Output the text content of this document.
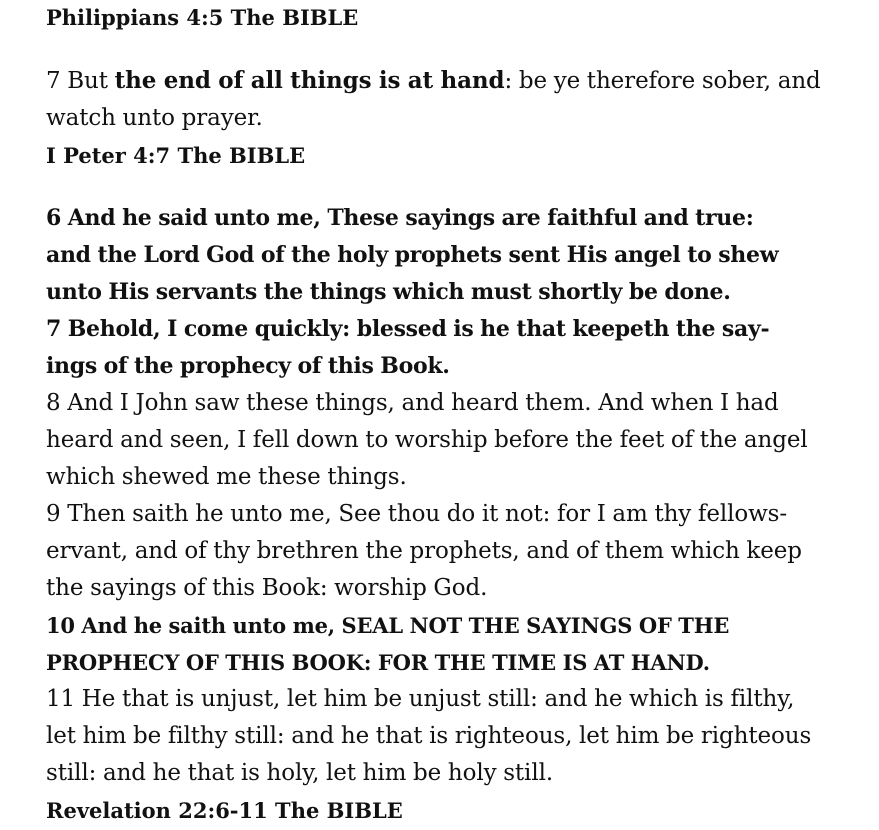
Philippians 4:5 The BIBLE
7 But the end of all things is at hand: be ye therefore sober, and
watch unto prayer.
I Peter 4:7 The BIBLE
6 And he said unto me, These sayings are faithful and true:
and the Lord God of the holy prophets sent His angel to shew
unto His servants the things which must shortly be done.
7 Behold, I come quickly: blessed is he that keepeth the say-
ings of the prophecy of this Book.
8 And I John saw these things, and heard them. And when I had
heard and seen, I fell down to worship before the feet of the angel
which shewed me these things.
9 Then saith he unto me, See thou do it not: for I am thy fellows-
ervant, and of thy brethren the prophets, and of them which keep
the sayings of this Book: worship God.
10 And he saith unto me, SEAL NOT THE SAYINGS OF THE
PROPHECY OF THIS BOOK: FOR THE TIME IS AT HAND.
11 He that is unjust, let him be unjust still: and he which is filthy,
let him be filthy still: and he that is righteous, let him be righteous
still: and he that is holy, let him be holy still.
Revelation 22:6-11 The BIBLE
